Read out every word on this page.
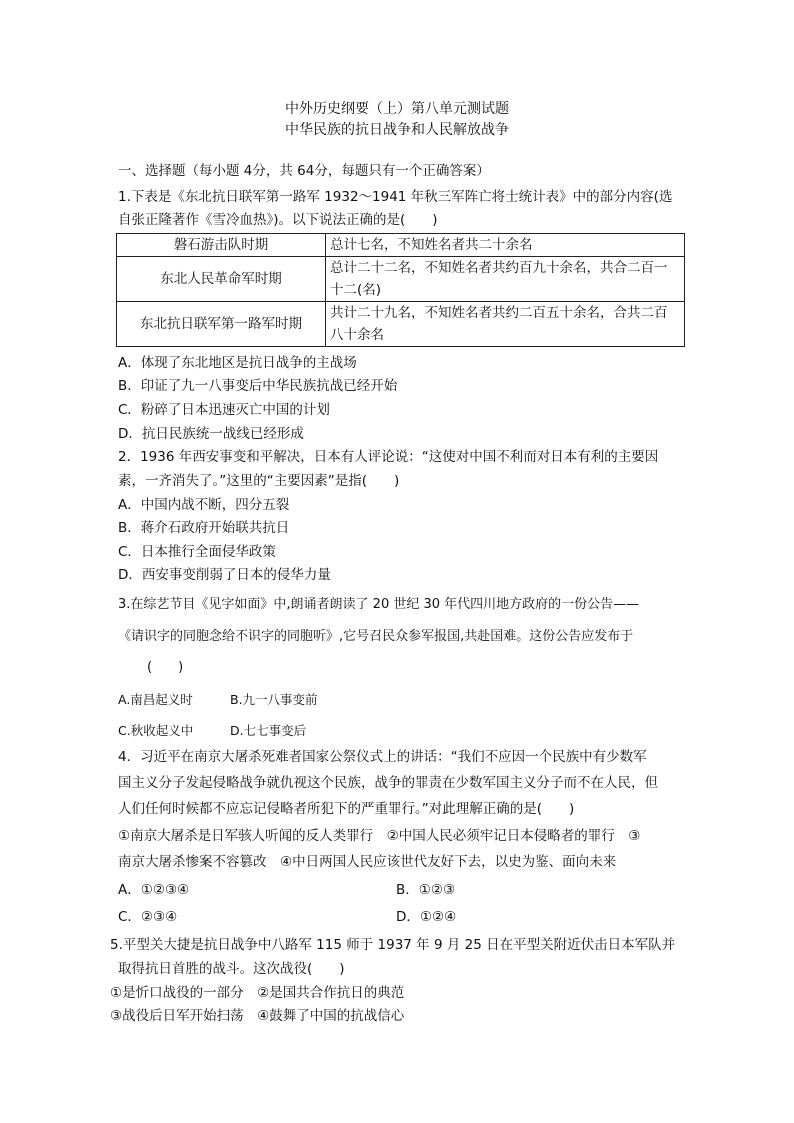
中外历史纲要（上）第八单元测试题
中华民族的抗日战争和人民解放战争
一、选择题（每小题 4分，共 64分，每题只有一个正确答案）
1.下表是《东北抗日联军第一路军 1932～1941 年秋三军阵亡将士统计表》中的部分内容(选
自张正隆著作《雪冷血热》)。以下说法正确的是(　　)
磐石游击队时期	总计七名，不知姓名者共二十余名
东北人民革命军时期	总计二十二名，不知姓名者共约百九十余名，共合二百一
十二(名)

东北抗日联军第一路军时期	共计二十九名，不知姓名者共约二百五十余名，合共二百
八十余名
A．体现了东北地区是抗日战争的主战场
B．印证了九一八事变后中华民族抗战已经开始
C．粉碎了日本迅速灭亡中国的计划
D．抗日民族统一战线已经形成
2．1936 年西安事变和平解决，日本有人评论说：“这使对中国不利而对日本有利的主要因
素，一齐消失了。”这里的“主要因素”是指(　　)
A．中国内战不断，四分五裂
B．蒋介石政府开始联共抗日
C．日本推行全面侵华政策
D．西安事变削弱了日本的侵华力量
3.在综艺节目《见字如面》中,朗诵者朗读了 20 世纪 30 年代四川地方政府的一份公告——
《请识字的同胞念给不识字的同胞听》,它号召民众参军报国,共赴国难。这份公告应发布于
(　　)
A.南昌起义时	B.九一八事变前
C.秋收起义中	D.七七事变后
4．习近平在南京大屠杀死难者国家公祭仪式上的讲话：“我们不应因一个民族中有少数军
国主义分子发起侵略战争就仇视这个民族，战争的罪责在少数军国主义分子而不在人民，但
人们任何时候都不应忘记侵略者所犯下的严重罪行。”对此理解正确的是(　　)
①南京大屠杀是日军骇人听闻的反人类罪行　②中国人民必须牢记日本侵略者的罪行　③
南京大屠杀惨案不容篡改　④中日两国人民应该世代友好下去，以史为鉴、面向未来
A．①②③④	B．①②③
C．②③④	D．①②④
5.平型关大捷是抗日战争中八路军 115 师于 1937 年 9 月 25 日在平型关附近伏击日本军队并
取得抗日首胜的战斗。这次战役(　　)
①是忻口战役的一部分　②是国共合作抗日的典范
③战役后日军开始扫荡　④鼓舞了中国的抗战信心
